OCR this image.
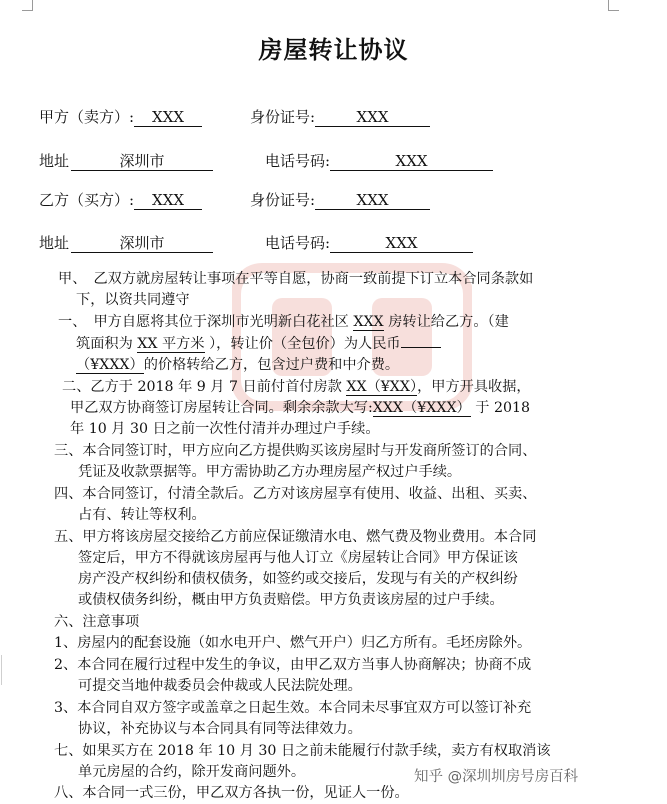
房屋转让协议
甲方（卖方）: XXX	身份证号:	XXX
地址	深圳市	电话号码:	XXX
乙方（买方）: XXX	身份证号:	XXX
地址	深圳市	电话号码:	XXX
甲、　乙双方就房屋转让事项在平等自愿，协商一致前提下订立本合同条款如
下，以资共同遵守
一、　甲方自愿将其位于深圳市光明新白花社区 XXX 房转让给乙方。（建
筑面积为 XX 平方米 ），转让价（全包价）为人民币
（¥XXX）的价格转给乙方，包含过户费和中介费。
二、乙方于 2018 年 9 月 7 日前付首付房款 XX（¥XX），甲方开具收据，
甲乙双方协商签订房屋转让合同。剩余余款大写:XXX（¥XXX） 于 2018
年 10 月 30 日之前一次性付清并办理过户手续。
三、本合同签订时，甲方应向乙方提供购买该房屋时与开发商所签订的合同、
凭证及收款票据等。甲方需协助乙方办理房屋产权过户手续。
四、本合同签订，付清全款后。乙方对该房屋享有使用、收益、出租、买卖、
占有、转让等权利。
五、甲方将该房屋交接给乙方前应保证缴清水电、燃气费及物业费用。本合同
签定后，甲方不得就该房屋再与他人订立《房屋转让合同》甲方保证该
房产没产权纠纷和债权债务，如签约或交接后，发现与有关的产权纠纷
或债权债务纠纷，概由甲方负责赔偿。甲方负责该房屋的过户手续。
六、注意事项
1、房屋内的配套设施（如水电开户、燃气开户）归乙方所有。毛坯房除外。
2、本合同在履行过程中发生的争议，由甲乙双方当事人协商解决；协商不成
可提交当地仲裁委员会仲裁或人民法院处理。
3、本合同自双方签字或盖章之日起生效。本合同未尽事宜双方可以签订补充
协议，补充协议与本合同具有同等法律效力。
七、如果买方在 2018 年 10 月 30 日之前未能履行付款手续，卖方有权取消该
单元房屋的合约，除开发商问题外。
八、本合同一式三份，甲乙双方各执一份，见证人一份。
知乎 @深圳圳房号房百科
